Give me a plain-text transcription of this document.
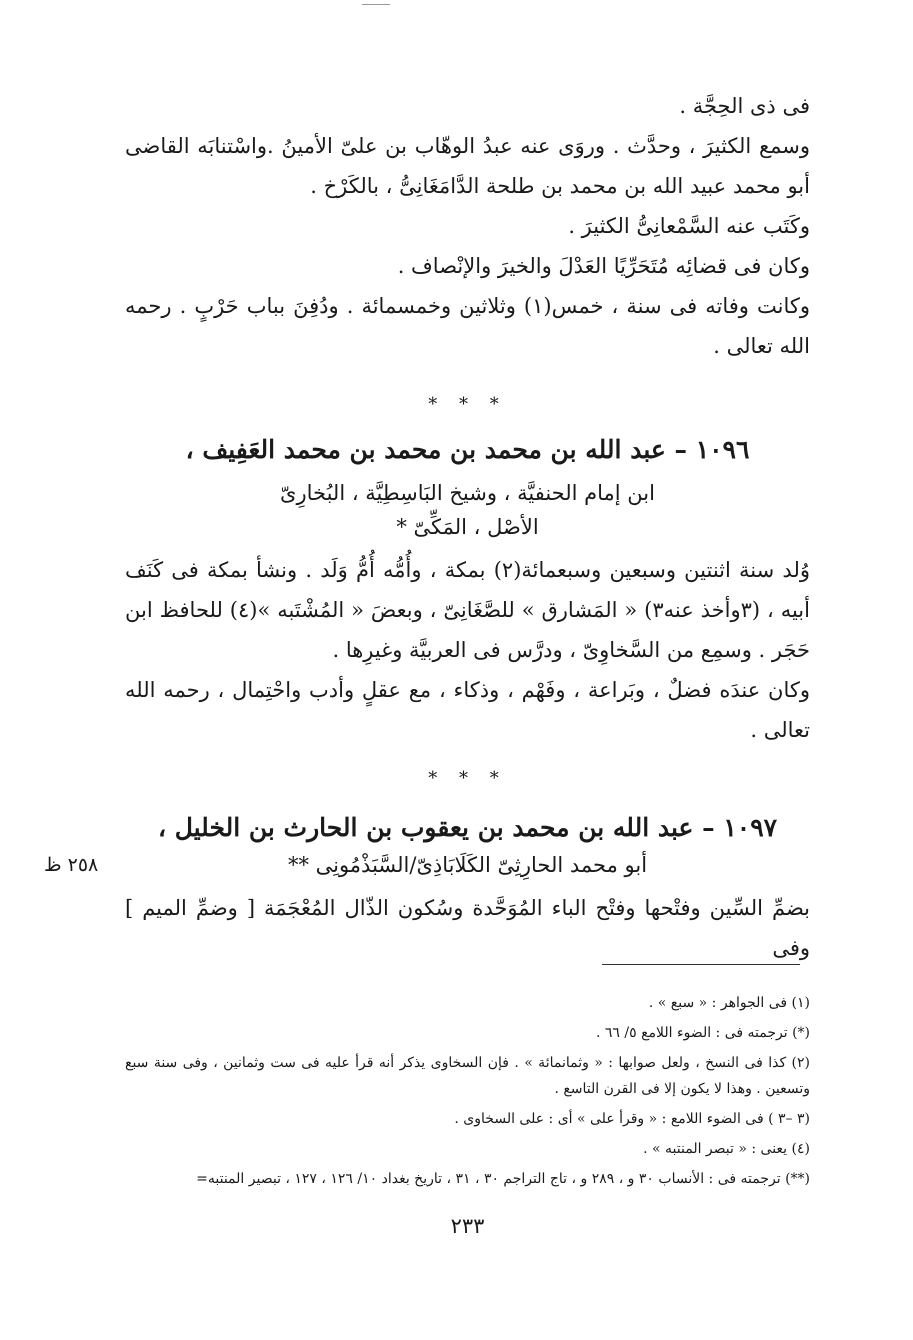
فى ذى الحِجَّة .

وسمع الكثيرَ ، وحدَّث . وروَى عنه عبدُ الوهّاب بن علىّ الأمينُ .واسْتنابَه القاضى أبو محمد عبيد الله بن محمد بن طلحة الدَّامَغَانِىُّ ، بالكَرْخ .

وكَتَب عنه السَّمْعانِىُّ الكثيرَ .

وكان فى قضائِه مُتَحَرِّيًا العَدْلَ والخيرَ والإنْصاف .

وكانت وفاته فى سنة ، خمس(١) وثلاثين وخمسمائة . ودُفِنَ بباب حَرْبٍ . رحمه الله تعالى .

* * *
١٠٩٦ – عبد الله بن محمد بن محمد بن محمد العَفِيف ،
ابن إمام الحنفيَّة ، وشيخ البَاسِطِيَّة ، البُخارِىّ
الأصْل ، المَكِّىّ *

وُلد سنة اثنتين وسبعين وسبعمائة(٢) بمكة ، وأُمُّه أُمُّ وَلَد . ونشأ بمكة فى كَنَف أبيه ، (٣وأخذ عنه٣) « المَشارق » للصَّغَانِىّ ، وبعضَ « المُشْتَبه »(٤) للحافظ ابن حَجَر . وسمِع من السَّخاوِىّ ، ودرَّس فى العربيَّة وغيرِها .

وكان عندَه فضلٌ ، وبَراعة ، وفَهْم ، وذكاء ، مع عقلٍ وأدب واحْتِمال ، رحمه الله تعالى .

* * *
١٠٩٧ – عبد الله بن محمد بن يعقوب بن الحارث بن الخليل ،
أبو محمد الحارِثِىّ الكَلَابَاذِىّ/السَّبَذْمُونِى **
٢٥٨ ظ

بضمِّ السِّين وفتْحها وفتْح الباء المُوَحَّدة وسُكون الذّال المُعْجَمَة [ وضمِّ الميم ] وفى

(١) فى الجواهر : « سبع » .

(*) ترجمته فى : الضوء اللامع ٥/ ٦٦ .

(٢) كذا فى النسخ ، ولعل صوابها : « وثمانمائة » . فإن السخاوى يذكر أنه قرأ عليه فى ست وثمانين ، وفى سنة سبع وتسعين . وهذا لا يكون إلا فى القرن التاسع .

(٣ –٣ ) فى الضوء اللامع : « وقرأ على » أى : على السخاوى .

(٤) يعنى : « تبصر المنتبه » .

(**) ترجمته فى : الأنساب ٣٠ و ، ٢٨٩ و ، تاج التراجم ٣٠ ، ٣١ ، تاريخ بغداد ١٠/ ١٢٦ ، ١٢٧ ، تبصير المنتبه=

٢٣٣
